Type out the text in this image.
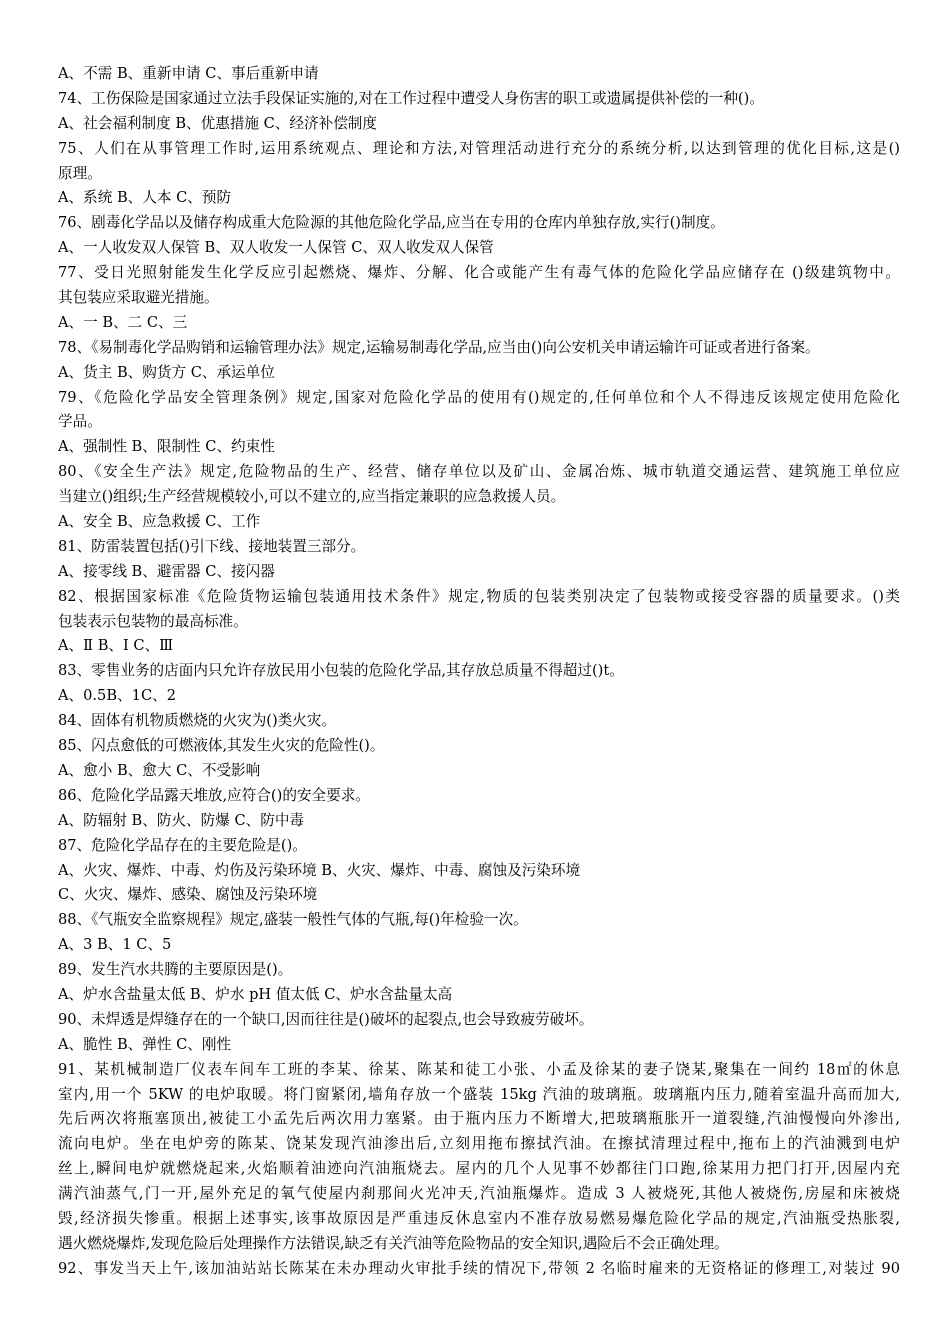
A、不需 B、重新申请 C、事后重新申请
74、工伤保险是国家通过立法手段保证实施的,对在工作过程中遭受人身伤害的职工或遗属提供补偿的一种()。
A、社会福利制度 B、优惠措施 C、经济补偿制度
75、人们在从事管理工作时,运用系统观点、理论和方法,对管理活动进行充分的系统分析,以达到管理的优化目标,这是()
原理。
A、系统 B、人本 C、预防
76、剧毒化学品以及储存构成重大危险源的其他危险化学品,应当在专用的仓库内单独存放,实行()制度。
A、一人收发双人保管 B、双人收发一人保管 C、双人收发双人保管
77、受日光照射能发生化学反应引起燃烧、爆炸、分解、化合或能产生有毒气体的危险化学品应储存在 ()级建筑物中。
其包装应采取避光措施。
A、一 B、二 C、三
78、《易制毒化学品购销和运输管理办法》规定,运输易制毒化学品,应当由()向公安机关申请运输许可证或者进行备案。
A、货主 B、购货方 C、承运单位
79、《危险化学品安全管理条例》规定,国家对危险化学品的使用有()规定的,任何单位和个人不得违反该规定使用危险化
学品。
A、强制性 B、限制性 C、约束性
80、《安全生产法》规定,危险物品的生产、经营、储存单位以及矿山、金属冶炼、城市轨道交通运营、建筑施工单位应
当建立()组织;生产经营规模较小,可以不建立的,应当指定兼职的应急救援人员。
A、安全 B、应急救援 C、工作
81、防雷装置包括()引下线、接地装置三部分。
A、接零线 B、避雷器 C、接闪器
82、根据国家标准《危险货物运输包装通用技术条件》规定,物质的包装类别决定了包装物或接受容器的质量要求。()类
包装表示包装物的最高标准。
A、Ⅱ B、Ⅰ C、Ⅲ
83、零售业务的店面内只允许存放民用小包装的危险化学品,其存放总质量不得超过()t。
A、0.5B、1C、2
84、固体有机物质燃烧的火灾为()类火灾。
85、闪点愈低的可燃液体,其发生火灾的危险性()。
A、愈小 B、愈大 C、不受影响
86、危险化学品露天堆放,应符合()的安全要求。
A、防辐射 B、防火、防爆 C、防中毒
87、危险化学品存在的主要危险是()。
A、火灾、爆炸、中毒、灼伤及污染环境 B、火灾、爆炸、中毒、腐蚀及污染环境
C、火灾、爆炸、感染、腐蚀及污染环境
88、《气瓶安全监察规程》规定,盛装一般性气体的气瓶,每()年检验一次。
A、3 B、1 C、5
89、发生汽水共腾的主要原因是()。
A、炉水含盐量太低 B、炉水 pH 值太低 C、炉水含盐量太高
90、未焊透是焊缝存在的一个缺口,因而往往是()破坏的起裂点,也会导致疲劳破坏。
A、脆性 B、弹性 C、刚性
91、某机械制造厂仪表车间车工班的李某、徐某、陈某和徒工小张、小孟及徐某的妻子饶某,聚集在一间约 18㎡的休息
室内,用一个 5KW 的电炉取暖。将门窗紧闭,墙角存放一个盛装 15kg 汽油的玻璃瓶。玻璃瓶内压力,随着室温升高而加大,
先后两次将瓶塞顶出,被徒工小孟先后两次用力塞紧。由于瓶内压力不断增大,把玻璃瓶胀开一道裂缝,汽油慢慢向外渗出,
流向电炉。坐在电炉旁的陈某、饶某发现汽油渗出后,立刻用拖布擦拭汽油。在擦拭清理过程中,拖布上的汽油溅到电炉
丝上,瞬间电炉就燃烧起来,火焰顺着油迹向汽油瓶烧去。屋内的几个人见事不妙都往门口跑,徐某用力把门打开,因屋内充
满汽油蒸气,门一开,屋外充足的氧气使屋内刹那间火光冲天,汽油瓶爆炸。造成 3 人被烧死,其他人被烧伤,房屋和床被烧
毁,经济损失惨重。根据上述事实,该事故原因是严重违反休息室内不准存放易燃易爆危险化学品的规定,汽油瓶受热胀裂,
遇火燃烧爆炸,发现危险后处理操作方法错误,缺乏有关汽油等危险物品的安全知识,遇险后不会正确处理。
92、事发当天上午,该加油站站长陈某在未办理动火审批手续的情况下,带领 2 名临时雇来的无资格证的修理工,对装过 90
